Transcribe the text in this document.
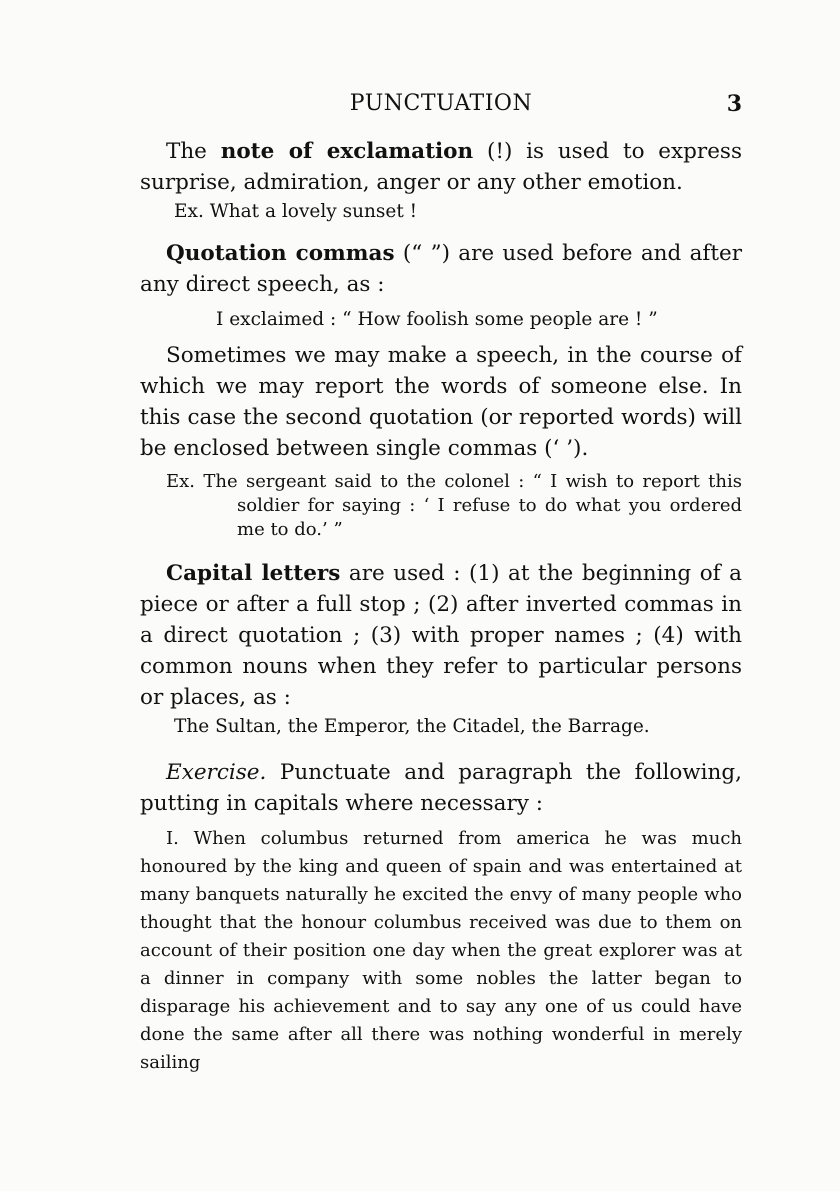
PUNCTUATION	3

The note of exclamation (!) is used to express surprise, admiration, anger or any other emotion.

Ex. What a lovely sunset !

Quotation commas (“ ”) are used before and after any direct speech, as :

I exclaimed : “ How foolish some people are ! ”

Sometimes we may make a speech, in the course of which we may report the words of someone else. In this case the second quotation (or reported words) will be enclosed between single commas (‘ ’).

Ex. The sergeant said to the colonel : “ I wish to report this soldier for saying : ‘ I refuse to do what you ordered me to do.’ ”

Capital letters are used : (1) at the beginning of a piece or after a full stop ; (2) after inverted commas in a direct quotation ; (3) with proper names ; (4) with common nouns when they refer to particular persons or places, as :

The Sultan, the Emperor, the Citadel, the Barrage.

Exercise. Punctuate and paragraph the following, putting in capitals where necessary :

I. When columbus returned from america he was much honoured by the king and queen of spain and was entertained at many banquets naturally he excited the envy of many people who thought that the honour columbus received was due to them on account of their position one day when the great explorer was at a dinner in company with some nobles the latter began to disparage his achievement and to say any one of us could have done the same after all there was nothing wonderful in merely sailing
